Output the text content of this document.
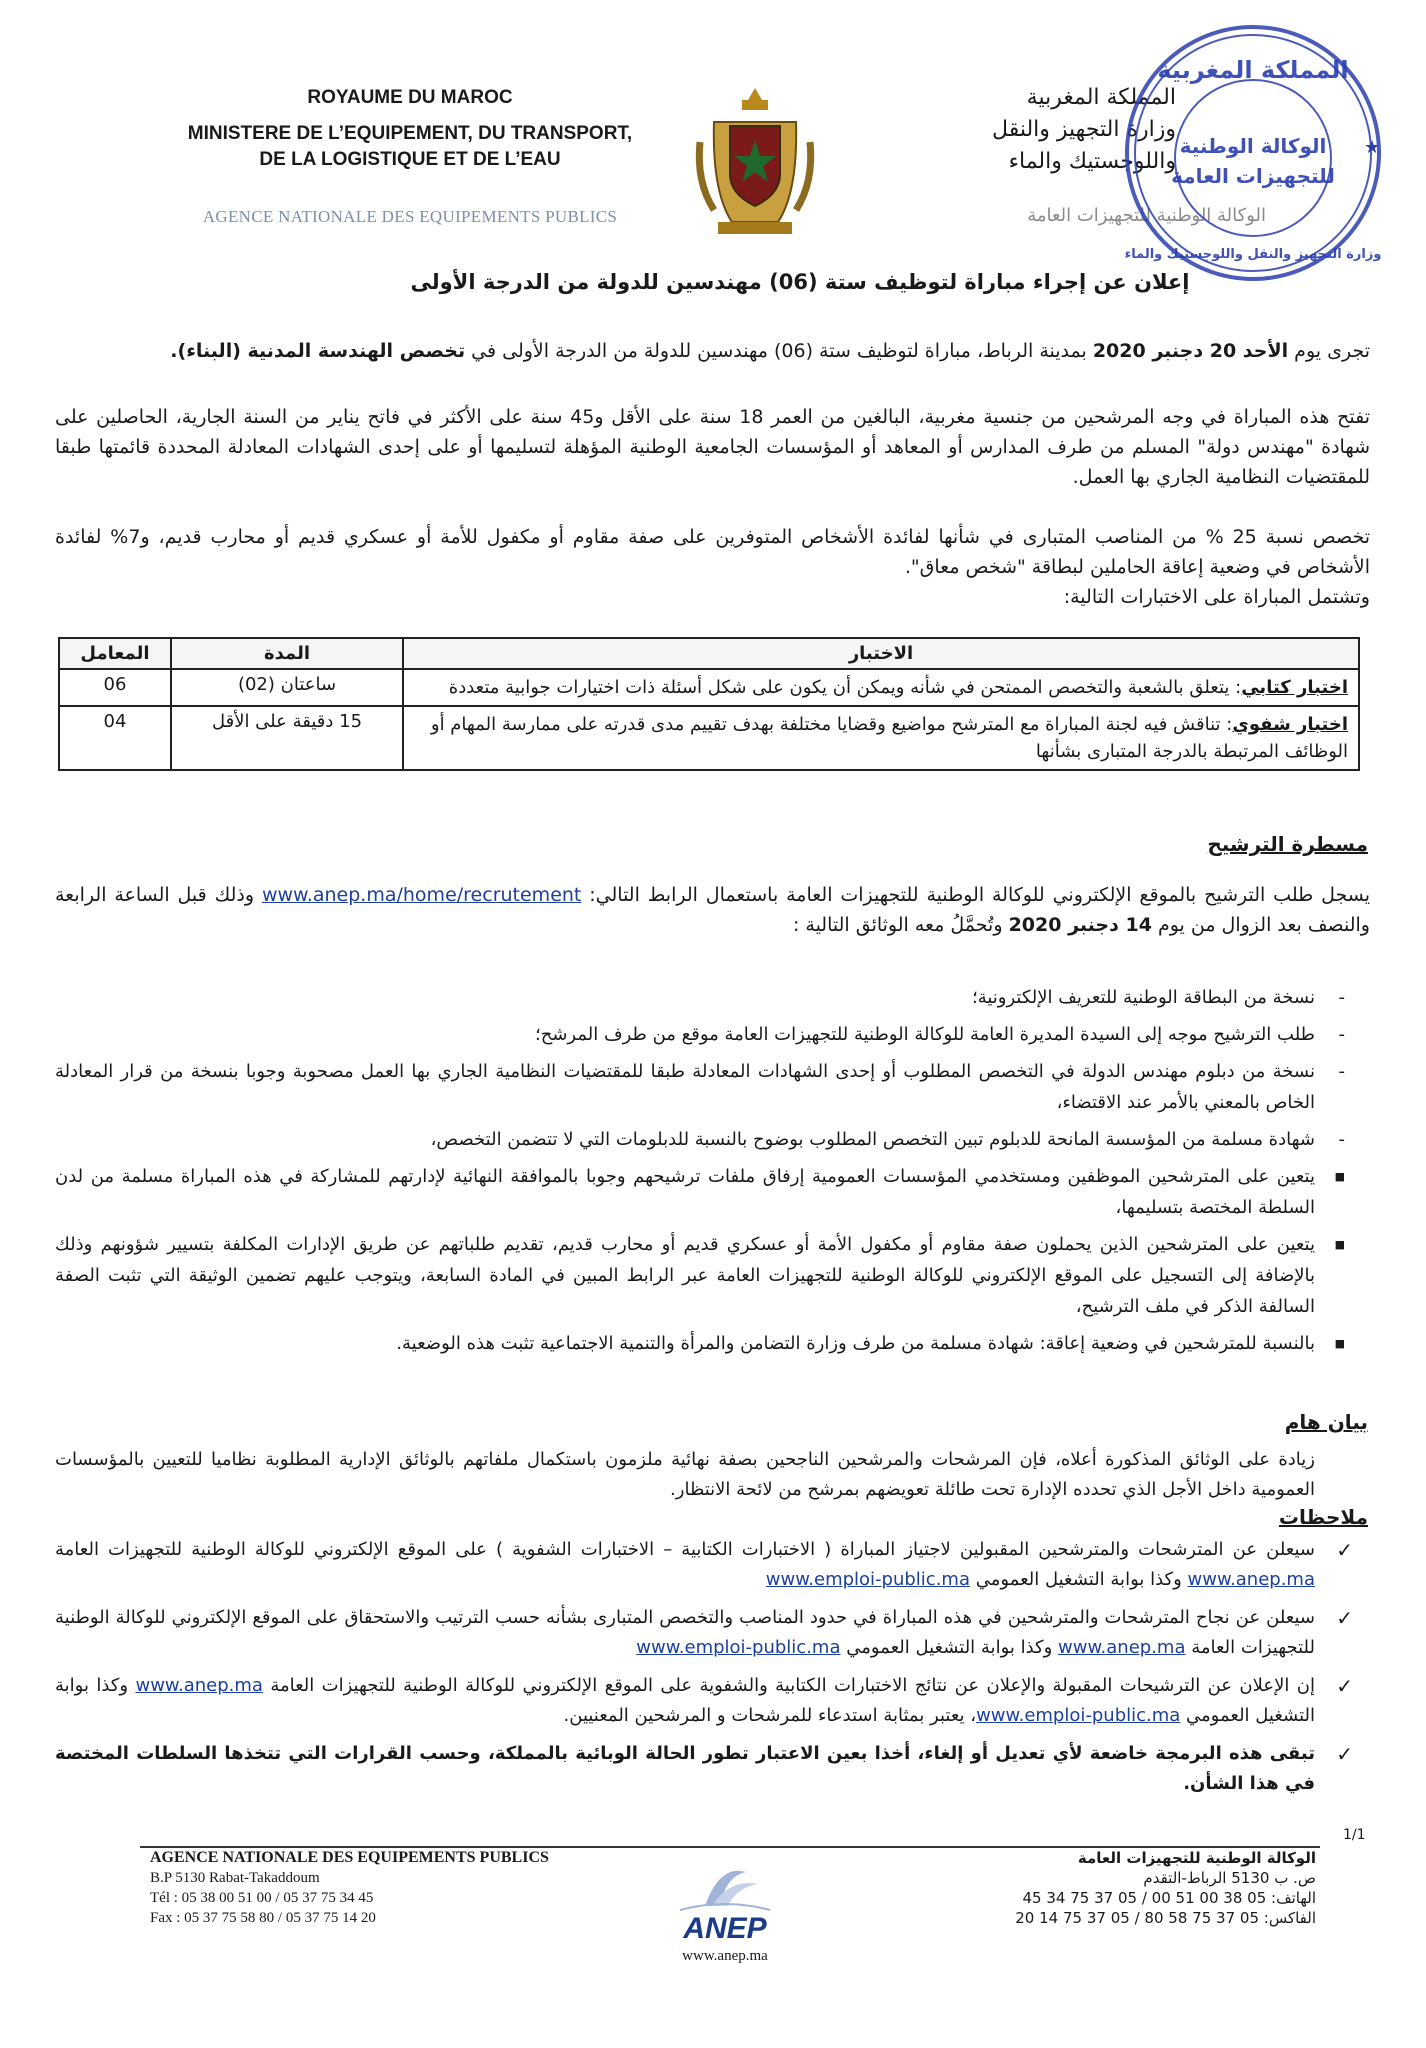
ROYAUME DU MAROC
MINISTERE DE L’EQUIPEMENT, DU TRANSPORT,
DE LA LOGISTIQUE ET DE L’EAU
AGENCE NATIONALE DES EQUIPEMENTS PUBLICS
المملكة المغربية
وزارة التجهيز والنقل
واللوجستيك والماء
الوكالة الوطنية للتجهيزات العامة
المملكة المغربية
الوكالة الوطنية
للتجهيزات العامة
وزارة التجهيز والنقل واللوجستيك والماء
★
إعلان عن إجراء مباراة لتوظيف ستة (06) مهندسين للدولة من الدرجة الأولى
تجرى يوم الأحد 20 دجنبر 2020 بمدينة الرباط، مباراة لتوظيف ستة (06) مهندسين للدولة من الدرجة الأولى في تخصص الهندسة المدنية (البناء).
تفتح هذه المباراة في وجه المرشحين من جنسية مغربية، البالغين من العمر 18 سنة على الأقل و45 سنة على الأكثر في فاتح يناير من السنة الجارية، الحاصلين على شهادة "مهندس دولة" المسلم من طرف المدارس أو المعاهد أو المؤسسات الجامعية الوطنية المؤهلة لتسليمها أو على إحدى الشهادات المعادلة المحددة قائمتها طبقا للمقتضيات النظامية الجاري بها العمل.
تخصص نسبة 25 % من المناصب المتبارى في شأنها لفائدة الأشخاص المتوفرين على صفة مقاوم أو مكفول للأمة أو عسكري قديم أو محارب قديم، و7% لفائدة الأشخاص في وضعية إعاقة الحاملين لبطاقة "شخص معاق".
وتشتمل المباراة على الاختبارات التالية:
الاختبار	المدة	المعامل
اختبار كتابي: يتعلق بالشعبة والتخصص الممتحن في شأنه ويمكن أن يكون على شكل أسئلة ذات اختيارات جوابية متعددة	ساعتان (02)	06
اختبار شفوي: تناقش فيه لجنة المباراة مع المترشح مواضيع وقضايا مختلفة بهدف تقييم مدى قدرته على ممارسة المهام أو الوظائف المرتبطة بالدرجة المتبارى بشأنها	15 دقيقة على الأقل	04
مسطرة الترشيح
يسجل طلب الترشيح بالموقع الإلكتروني للوكالة الوطنية للتجهيزات العامة باستعمال الرابط التالي: www.anep.ma/home/recrutement وذلك قبل الساعة الرابعة والنصف بعد الزوال من يوم 14 دجنبر 2020 وتُحمَّلُ معه الوثائق التالية :
- نسخة من البطاقة الوطنية للتعريف الإلكترونية؛
- طلب الترشيح موجه إلى السيدة المديرة العامة للوكالة الوطنية للتجهيزات العامة موقع من طرف المرشح؛
- نسخة من دبلوم مهندس الدولة في التخصص المطلوب أو إحدى الشهادات المعادلة طبقا للمقتضيات النظامية الجاري بها العمل مصحوبة وجوبا بنسخة من قرار المعادلة الخاص بالمعني بالأمر عند الاقتضاء،
- شهادة مسلمة من المؤسسة المانحة للدبلوم تبين التخصص المطلوب بوضوح بالنسبة للدبلومات التي لا تتضمن التخصص،
■ يتعين على المترشحين الموظفين ومستخدمي المؤسسات العمومية إرفاق ملفات ترشيحهم وجوبا بالموافقة النهائية لإدارتهم للمشاركة في هذه المباراة مسلمة من لدن السلطة المختصة بتسليمها،
■ يتعين على المترشحين الذين يحملون صفة مقاوم أو مكفول الأمة أو عسكري قديم أو محارب قديم، تقديم طلباتهم عن طريق الإدارات المكلفة بتسيير شؤونهم وذلك بالإضافة إلى التسجيل على الموقع الإلكتروني للوكالة الوطنية للتجهيزات العامة عبر الرابط المبين في المادة السابعة، ويتوجب عليهم تضمين الوثيقة التي تثبت الصفة السالفة الذكر في ملف الترشيح،
■ بالنسبة للمترشحين في وضعية إعاقة: شهادة مسلمة من طرف وزارة التضامن والمرأة والتنمية الاجتماعية تثبت هذه الوضعية.
بيان هام
زيادة على الوثائق المذكورة أعلاه، فإن المرشحات والمرشحين الناجحين بصفة نهائية ملزمون باستكمال ملفاتهم بالوثائق الإدارية المطلوبة نظاميا للتعيين بالمؤسسات العمومية داخل الأجل الذي تحدده الإدارة تحت طائلة تعويضهم بمرشح من لائحة الانتظار.
ملاحظات
✓ سيعلن عن المترشحات والمترشحين المقبولين لاجتياز المباراة ( الاختبارات الكتابية – الاختبارات الشفوية ) على الموقع الإلكتروني للوكالة الوطنية للتجهيزات العامة www.anep.ma وكذا بوابة التشغيل العمومي www.emploi-public.ma
✓ سيعلن عن نجاح المترشحات والمترشحين في هذه المباراة في حدود المناصب والتخصص المتبارى بشأنه حسب الترتيب والاستحقاق على الموقع الإلكتروني للوكالة الوطنية للتجهيزات العامة www.anep.ma وكذا بوابة التشغيل العمومي www.emploi-public.ma
✓ إن الإعلان عن الترشيحات المقبولة والإعلان عن نتائج الاختبارات الكتابية والشفوية على الموقع الإلكتروني للوكالة الوطنية للتجهيزات العامة www.anep.ma وكذا بوابة التشغيل العمومي www.emploi-public.ma، يعتبر بمثابة استدعاء للمرشحات و المرشحين المعنيين.
✓ تبقى هذه البرمجة خاضعة لأي تعديل أو إلغاء، أخذا بعين الاعتبار تطور الحالة الوبائية بالمملكة، وحسب القرارات التي تتخذها السلطات المختصة في هذا الشأن.
1/1
AGENCE NATIONALE DES EQUIPEMENTS PUBLICS
B.P 5130 Rabat-Takaddoum
Tél : 05 38 00 51 00 / 05 37 75 34 45
Fax : 05 37 75 58 80 / 05 37 75 14 20	ANEP
www.anep.ma
الوكالة الوطنية للتجهيزات العامة
ص. ب 5130 الرباط-التقدم
الهاتف: 05 38 00 51 00 / 05 37 75 34 45
الفاكس: 05 37 75 58 80 / 05 37 75 14 20
